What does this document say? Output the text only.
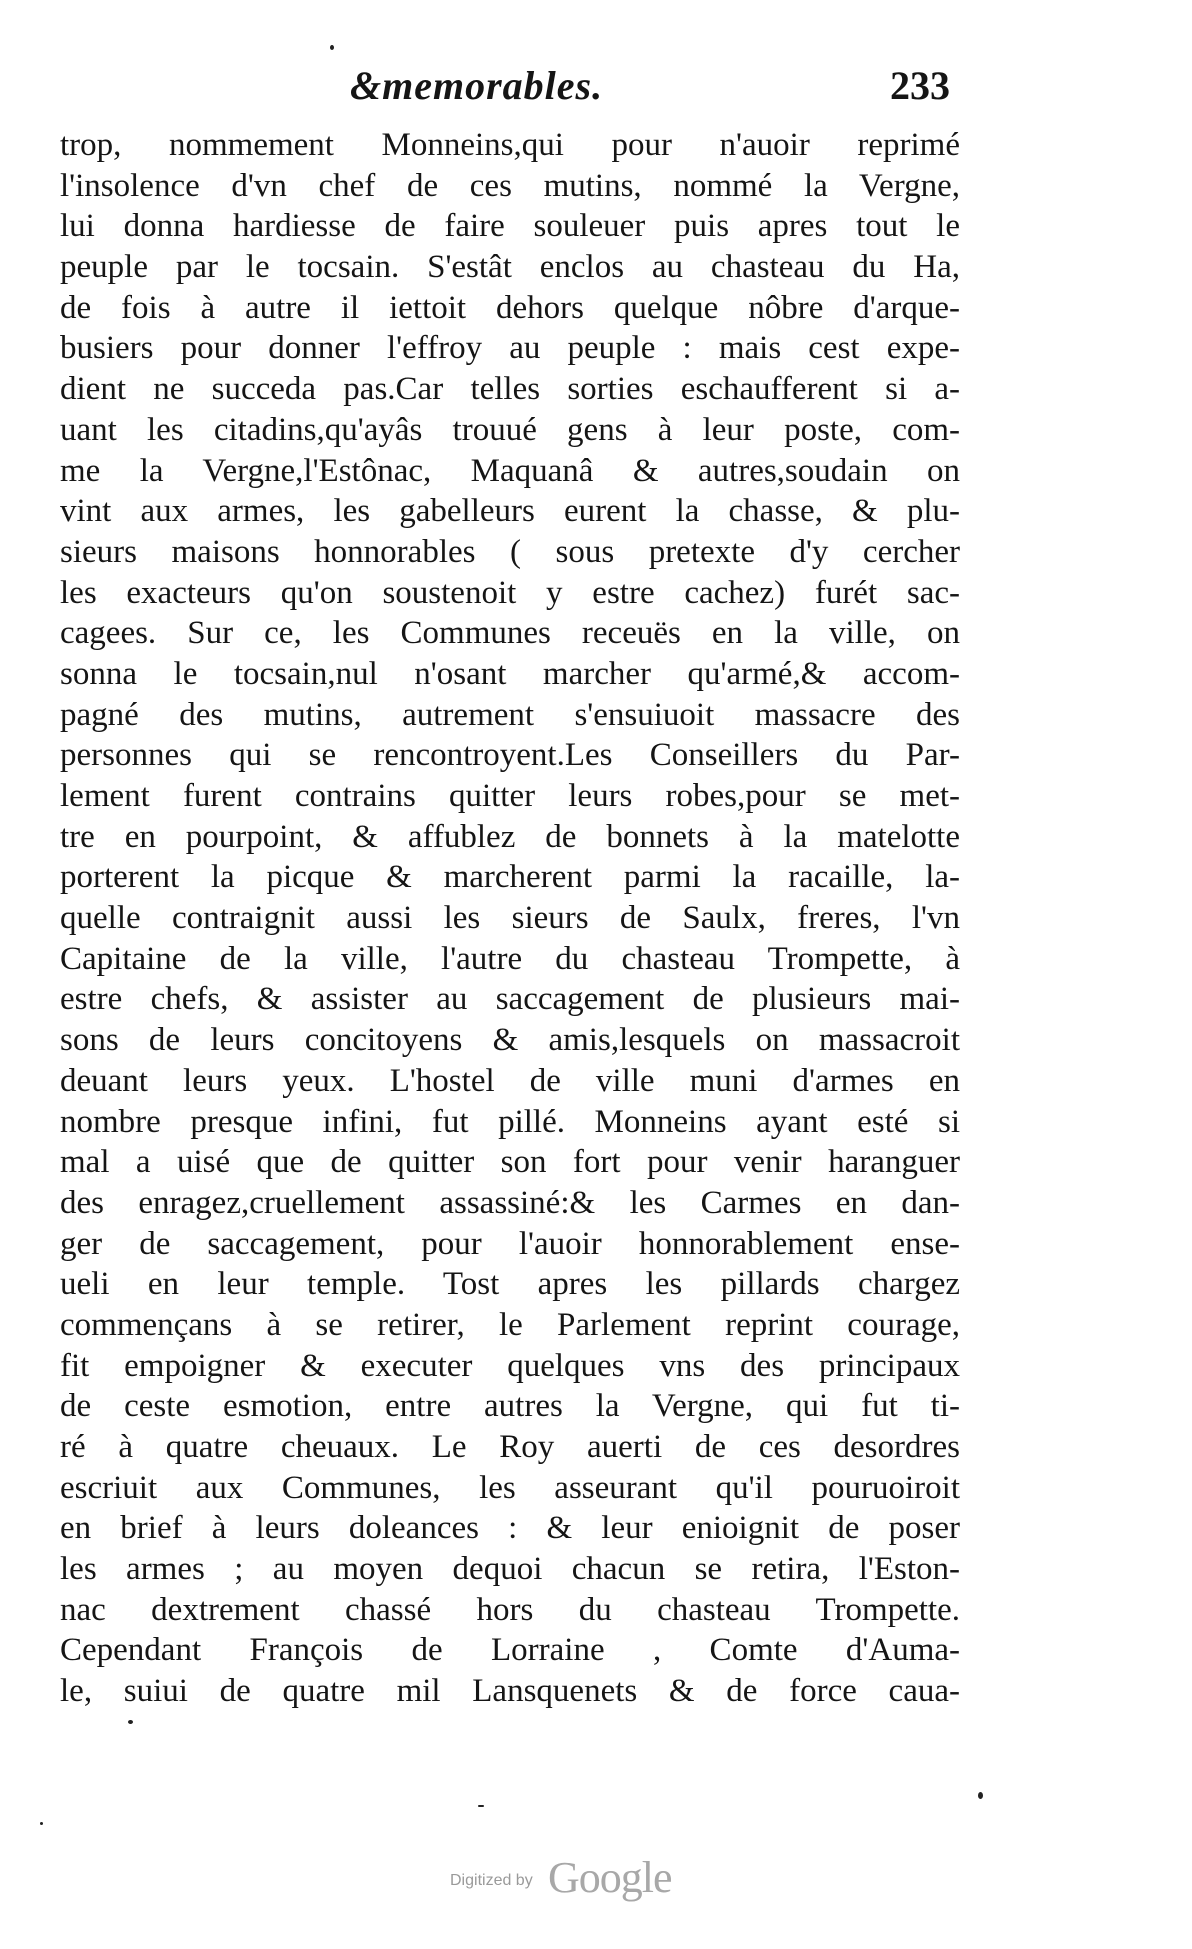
&memorables.	233
trop, nommement Monneins,qui pour n'auoir reprimé
l'insolence d'vn chef de ces mutins, nommé la Vergne,
lui donna hardiesse de faire souleuer puis apres tout le
peuple par le tocsain. S'estât enclos au chasteau du Ha,
de fois à autre il iettoit dehors quelque nôbre d'arque-
busiers pour donner l'effroy au peuple : mais cest expe-
dient ne succeda pas.Car telles sorties eschaufferent si a-
uant les citadins,qu'ayâs trouué gens à leur poste, com-
me la Vergne,l'Estônac, Maquanâ & autres,soudain on
vint aux armes, les gabelleurs eurent la chasse, & plu-
sieurs maisons honnorables ( sous pretexte d'y cercher
les exacteurs qu'on soustenoit y estre cachez) furét sac-
cagees. Sur ce, les Communes receuës en la ville, on
sonna le tocsain,nul n'osant marcher qu'armé,& accom-
pagné des mutins, autrement s'ensuiuoit massacre des
personnes qui se rencontroyent.Les Conseillers du Par-
lement furent contrains quitter leurs robes,pour se met-
tre en pourpoint, & affublez de bonnets à la matelotte
porterent la picque & marcherent parmi la racaille, la-
quelle contraignit aussi les sieurs de Saulx, freres, l'vn
Capitaine de la ville, l'autre du chasteau Trompette, à
estre chefs, & assister au saccagement de plusieurs mai-
sons de leurs concitoyens & amis,lesquels on massacroit
deuant leurs yeux. L'hostel de ville muni d'armes en
nombre presque infini, fut pillé. Monneins ayant esté si
mal a uisé que de quitter son fort pour venir haranguer
des enragez,cruellement assassiné:& les Carmes en dan-
ger de saccagement, pour l'auoir honnorablement ense-
ueli en leur temple. Tost apres les pillards chargez
commençans à se retirer, le Parlement reprint courage,
fit empoigner & executer quelques vns des principaux
de ceste esmotion, entre autres la Vergne, qui fut ti-
ré à quatre cheuaux. Le Roy auerti de ces desordres
escriuit aux Communes, les asseurant qu'il pouruoiroit
en brief à leurs doleances : & leur enioignit de poser
les armes ; au moyen dequoi chacun se retira, l'Eston-
nac dextrement chassé hors du chasteau Trompette.
Cependant François de Lorraine , Comte d'Auma-
le, suiui de quatre mil Lansquenets & de force caua-
Digitized by Google
